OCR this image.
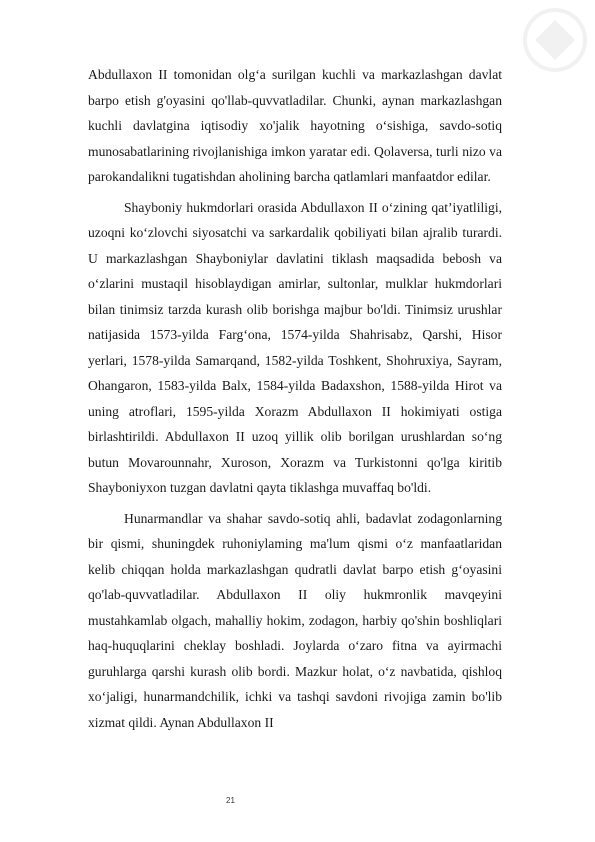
Abdullaxon II tomonidan olg‘a surilgan kuchli va markazlashgan davlat barpo etish g'oyasini qo'llab-quvvatladilar. Chunki, aynan markazlashgan kuchli davlatgina iqtisodiy xo'jalik hayotning o‘sishiga, savdo-sotiq munosabatlarining rivojlanishiga imkon yaratar edi. Qolaversa, turli nizo va parokandalikni tugatishdan aholining barcha qatlamlari manfaatdor edilar.

Shayboniy hukmdorlari orasida Abdullaxon II o‘zining qat’iyatliligi, uzoqni ko‘zlovchi siyosatchi va sarkardalik qobiliyati bilan ajralib turardi. U markazlashgan Shayboniylar davlatini tiklash maqsadida bebosh va o‘zlarini mustaqil hisoblaydigan amirlar, sultonlar, mulklar hukmdorlari bilan tinimsiz tarzda kurash olib borishga majbur bo'ldi. Tinimsiz urushlar natijasida 1573-yilda Farg‘ona, 1574-yilda Shahrisabz, Qarshi, Hisor yerlari, 1578-yilda Samarqand, 1582-yilda Toshkent, Shohruxiya, Sayram, Ohangaron, 1583-yilda Balx, 1584-yilda Badaxshon, 1588-yilda Hirot va uning atroflari, 1595-yilda Xorazm Abdullaxon II hokimiyati ostiga birlashtirildi. Abdullaxon II uzoq yillik olib borilgan urushlardan so‘ng butun Movarounnahr, Xuroson, Xorazm va Turkistonni qo'lga kiritib Shayboniyxon tuzgan davlatni qayta tiklashga muvaffaq bo'ldi.

Hunarmandlar va shahar savdo-sotiq ahli, badavlat zodagonlarning bir qismi, shuningdek ruhoniylaming ma'lum qismi o‘z manfaatlaridan kelib chiqqan holda markazlashgan qudratli davlat barpo etish g‘oyasini qo'lab-quvvatladilar. Abdullaxon II oliy hukmronlik mavqeyini mustahkamlab olgach, mahalliy hokim, zodagon, harbiy qo'shin boshliqlari haq-huquqlarini cheklay boshladi. Joylarda o‘zaro fitna va ayirmachi guruhlarga qarshi kurash olib bordi. Mazkur holat, o‘z navbatida, qishloq xo‘jaligi, hunarmandchilik, ichki va tashqi savdoni rivojiga zamin bo'lib xizmat qildi. Aynan Abdullaxon II

21
